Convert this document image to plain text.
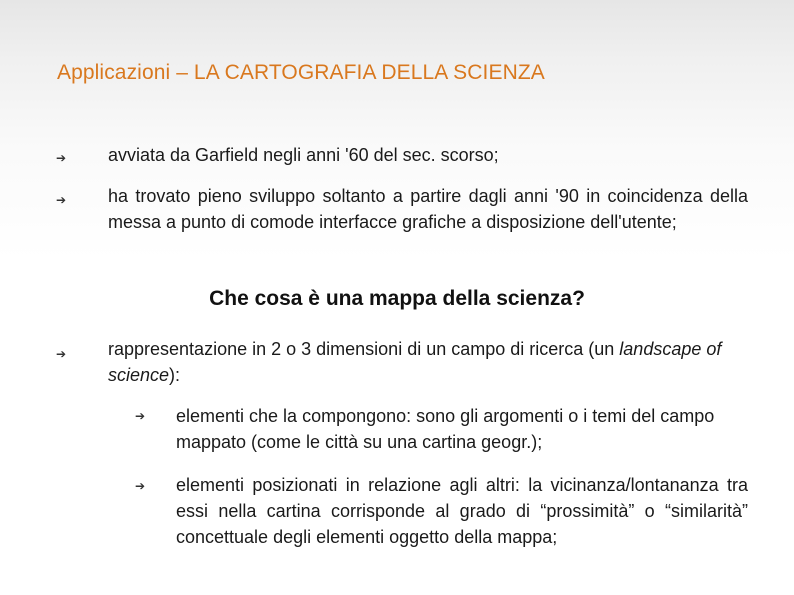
Applicazioni – LA CARTOGRAFIA DELLA SCIENZA
➔ avviata da Garfield negli anni '60 del sec. scorso;

➔ ha trovato pieno sviluppo soltanto a partire dagli anni '90 in coincidenza della messa a punto di comode interfacce grafiche a disposizione dell'utente;

Che cosa è una mappa della scienza?
➔ rappresentazione in 2 o 3 dimensioni di un campo di ricerca (un landscape of science):

➔ elementi che la compongono: sono gli argomenti o i temi del campo mappato (come le città su una cartina geogr.);

➔ elementi posizionati in relazione agli altri: la vicinanza/lontananza tra essi nella cartina corrisponde al grado di “prossimità” o “similarità” concettuale degli elementi oggetto della mappa;
